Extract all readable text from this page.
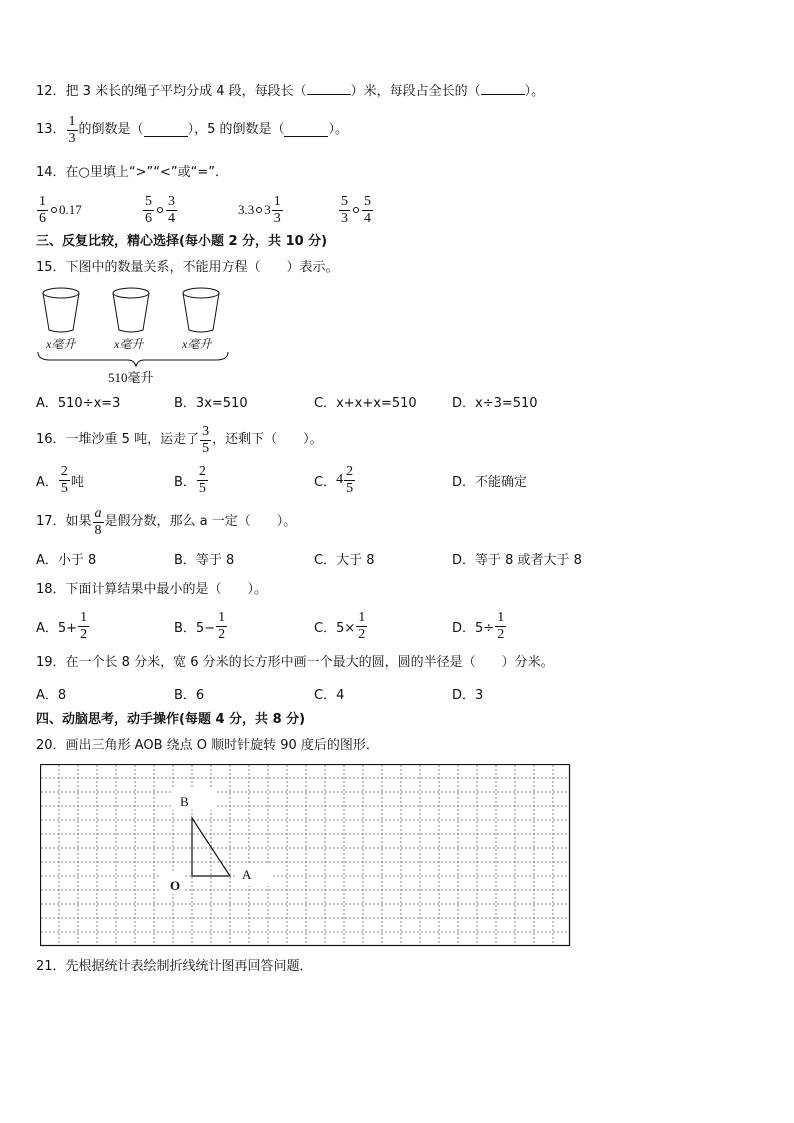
12．把 3 米长的绳子平均分成 4 段，每段长（	）米，每段占全长的（	）。
13． $\frac{1}{3}$ 的倒数是（	），5 的倒数是（	）。
14．在○里填上“>”“<”或“=”．
$\frac{1}{6} 0.17$	$\frac{5}{6} \frac{3}{4}$	3.3 $3 \frac{1}{3}$	$\frac{5}{3} \frac{5}{4}$
三、反复比较，精心选择(每小题 2 分，共 10 分)
15．下图中的数量关系，不能用方程（　　）表示。
x毫升	x毫升	x毫升
510毫升
A．510÷x=3	B．3x=510	C．x+x+x=510	D．x÷3=510
16．一堆沙重 5 吨，运走了 $\frac{3}{5}$ ，还剩下（　　）。
A． $\frac{2}{5}$ 吨	B． $\frac{2}{5}$	C． $4 \frac{2}{5}$	D．不能确定
17．如果 $\frac{a}{8}$ 是假分数，那么 a 一定（　　）。
A．小于 8	B．等于 8	C．大于 8	D．等于 8 或者大于 8
18．下面计算结果中最小的是（　　）。
A．$5+ \frac{1}{2}$	B．$5- \frac{1}{2}$	C．$5\times \frac{1}{2}$	D．$5\div \frac{1}{2}$
19．在一个长 8 分米，宽 6 分米的长方形中画一个最大的圆，圆的半径是（　　）分米。
A．8	B．6	C．4	D．3
四、动脑思考，动手操作(每题 4 分，共 8 分)
20．画出三角形 AOB 绕点 O 顺时针旋转 90 度后的图形．
B
A
O
21．先根据统计表绘制折线统计图再回答问题．
